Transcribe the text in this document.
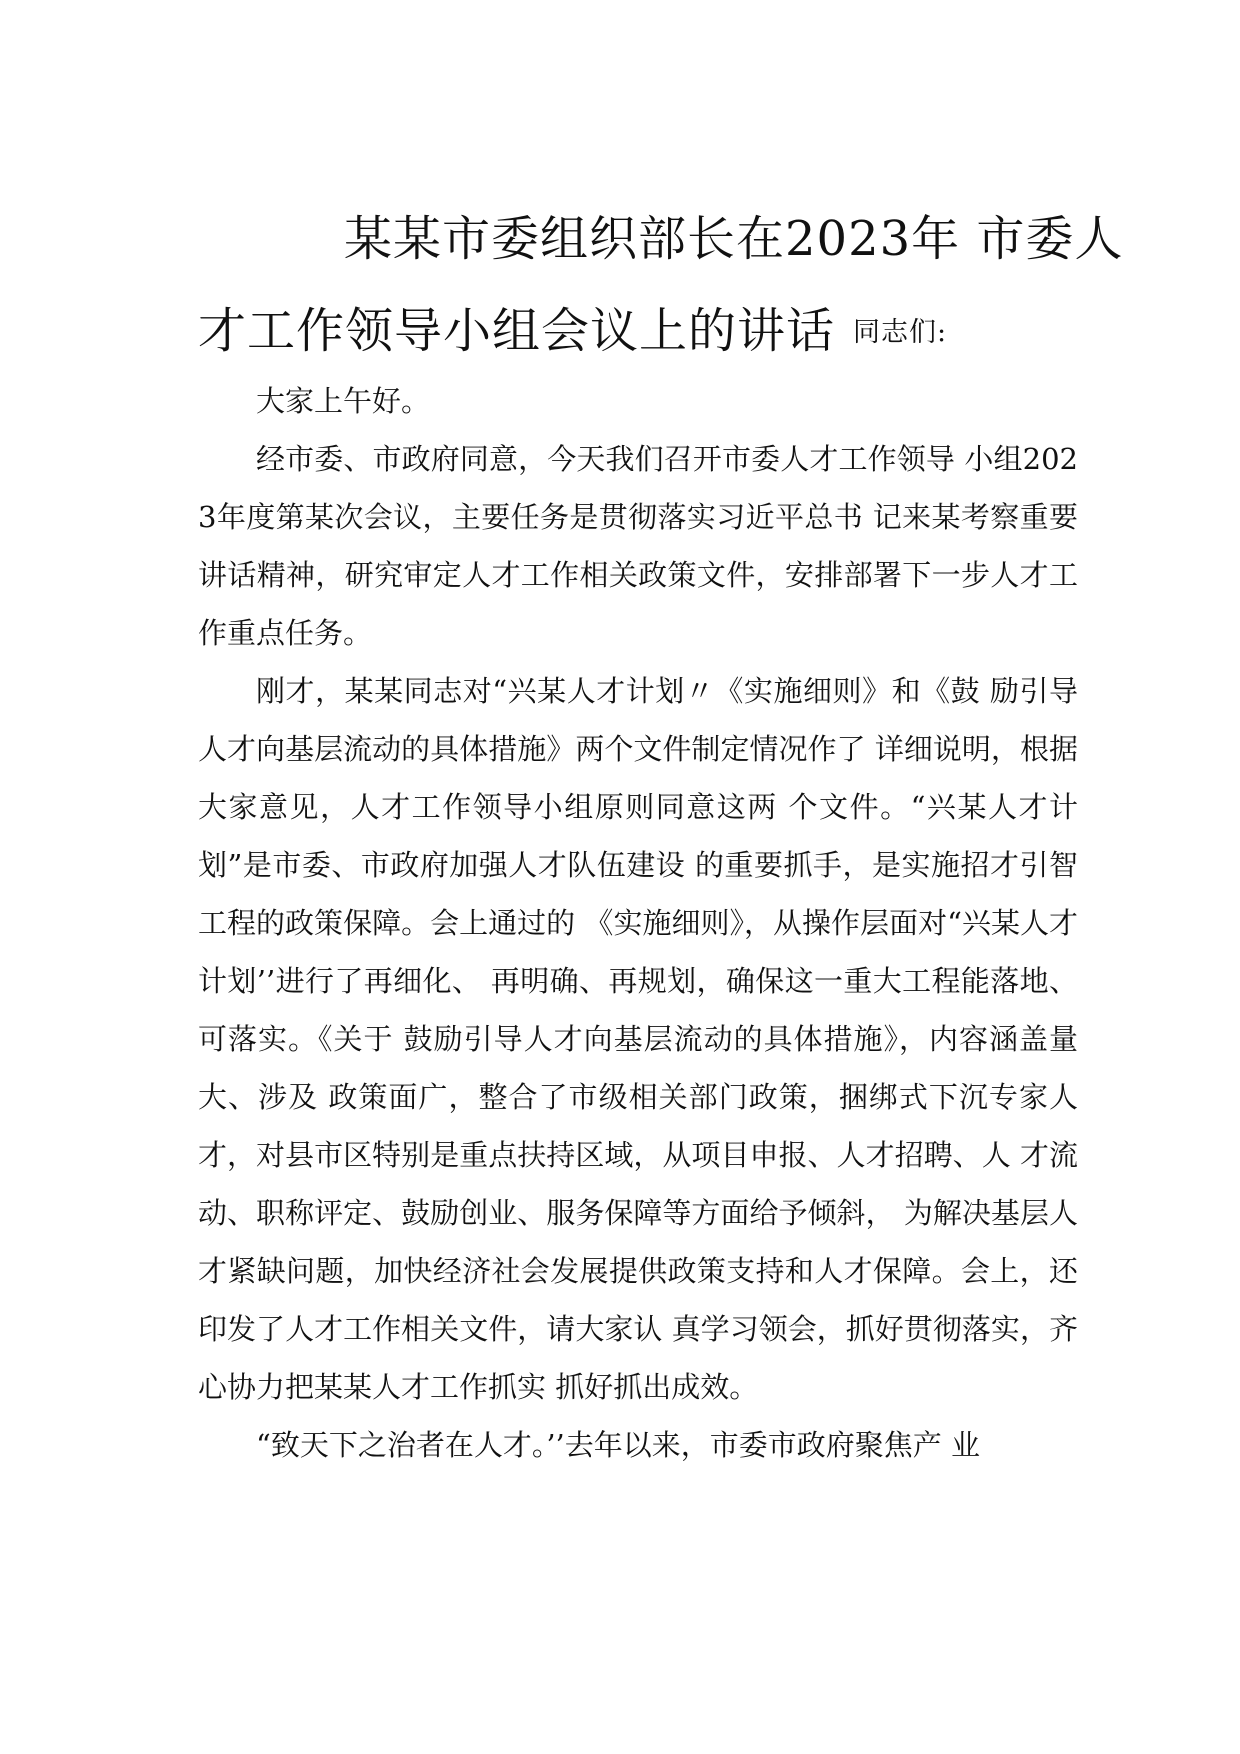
某某市委组织部长在2023年 市委人
才工作领导小组会议上的讲话 同志们:

大家上午好。

经市委、市政府同意，今天我们召开市委人才工作领导 小组2023年度第某次会议，主要任务是贯彻落实习近平总书 记来某考察重要讲话精神，研究审定人才工作相关政策文件，安排部署下一步人才工作重点任务。

刚才，某某同志对“兴某人才计划〃《实施细则》和《鼓 励引导人才向基层流动的具体措施》两个文件制定情况作了 详细说明，根据大家意见，人才工作领导小组原则同意这两 个文件。“兴某人才计划”是市委、市政府加强人才队伍建设 的重要抓手，是实施招才引智工程的政策保障。会上通过的 《实施细则》，从操作层面对“兴某人才计划’’进行了再细化、 再明确、再规划，确保这一重大工程能落地、可落实。《关于 鼓励引导人才向基层流动的具体措施》，内容涵盖量大、涉及 政策面广，整合了市级相关部门政策，捆绑式下沉专家人才，对县市区特别是重点扶持区域，从项目申报、人才招聘、人 才流动、职称评定、鼓励创业、服务保障等方面给予倾斜， 为解决基层人才紧缺问题，加快经济社会发展提供政策支持和人才保障。会上，还印发了人才工作相关文件，请大家认 真学习领会，抓好贯彻落实，齐心协力把某某人才工作抓实 抓好抓出成效。

“致天下之治者在人才。’’去年以来，市委市政府聚焦产 业
